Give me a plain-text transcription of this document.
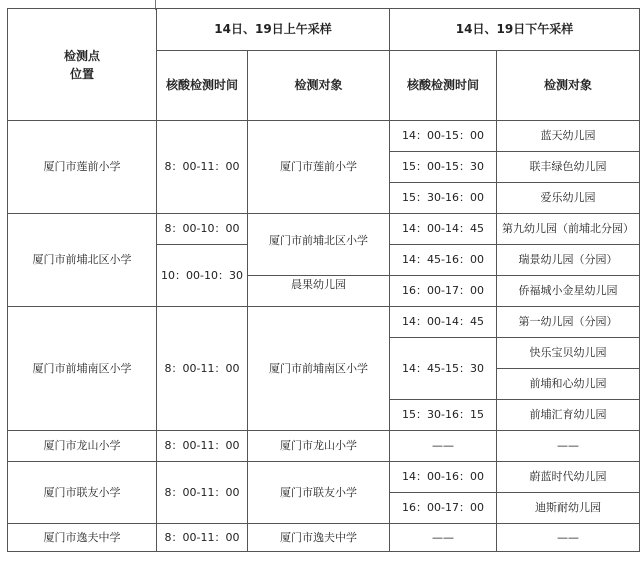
检测点
位置	14日、19日上午采样		14日、19日下午采样	
	核酸检测时间	检测对象	核酸检测时间	检测对象
厦门市莲前小学	8：00-11：00	厦门市莲前小学	14：00-15：00	蓝天幼儿园
			15：00-15：30	联丰绿色幼儿园
			15：30-16：00	爱乐幼儿园
厦门市前埔北区小学	8：00-10：00	厦门市前埔北区小学	14：00-14：45	第九幼儿园（前埔北分园）
	10：00-10：30		14：45-16：00	瑞景幼儿园（分园）
		晨果幼儿园	16：00-17：00	侨福城小金星幼儿园
厦门市前埔南区小学	8：00-11：00	厦门市前埔南区小学	14：00-14：45	第一幼儿园（分园）
			14：45-15：30	快乐宝贝幼儿园
				前埔和心幼儿园
			15：30-16：15	前埔汇育幼儿园
厦门市龙山小学	8：00-11：00	厦门市龙山小学	——	——
厦门市联友小学	8：00-11：00	厦门市联友小学	14：00-16：00	蔚蓝时代幼儿园
			16：00-17：00	迪斯耐幼儿园
厦门市逸夫中学	8：00-11：00	厦门市逸夫中学	——	——
